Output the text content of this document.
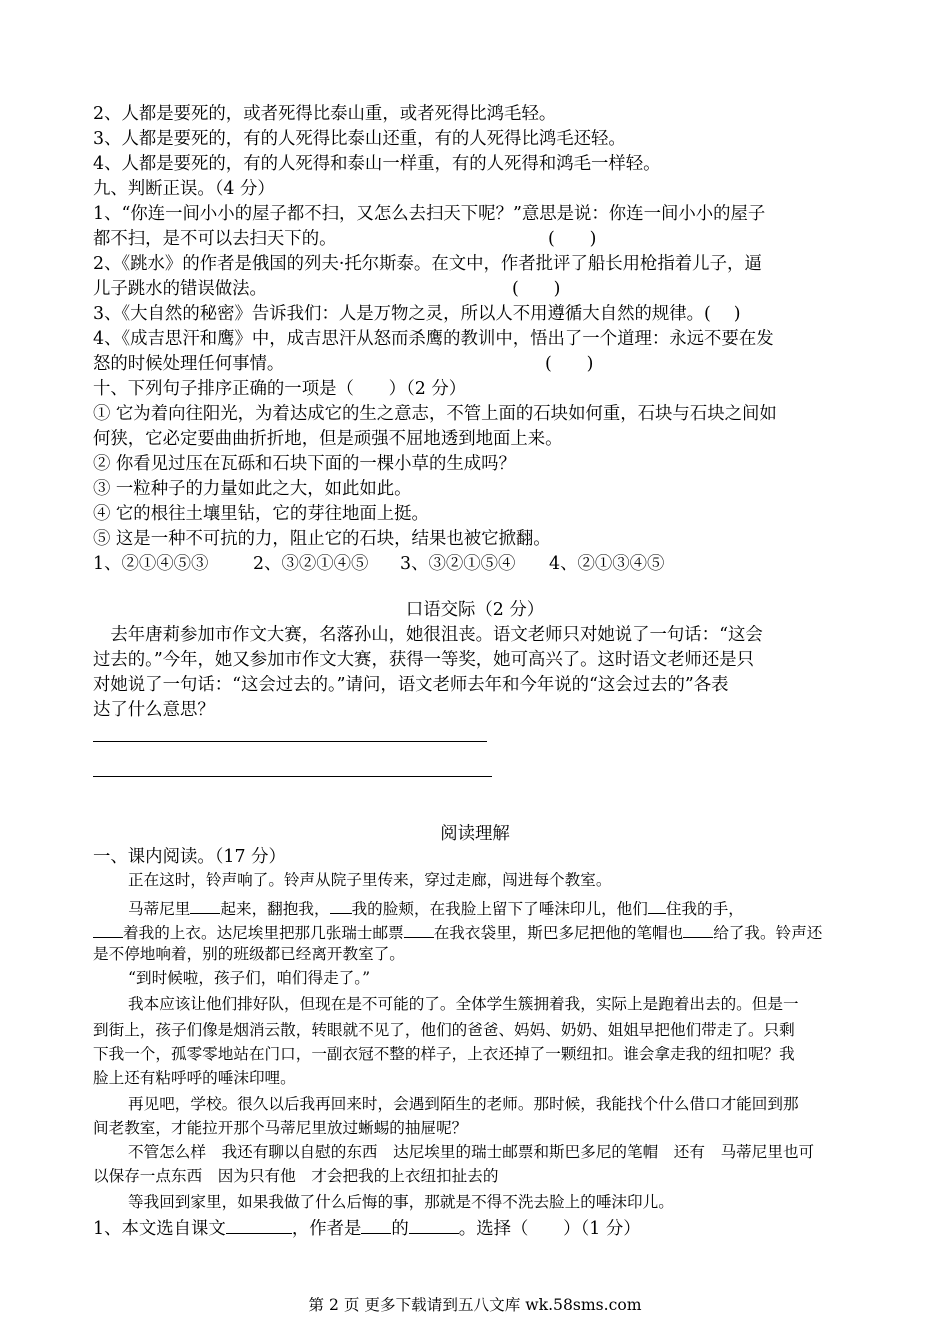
2、人都是要死的，或者死得比泰山重，或者死得比鸿毛轻。
3、人都是要死的，有的人死得比泰山还重，有的人死得比鸿毛还轻。
4、人都是要死的，有的人死得和泰山一样重，有的人死得和鸿毛一样轻。
九、判断正误。（4 分）
1、“你连一间小小的屋子都不扫，又怎么去扫天下呢？”意思是说：你连一间小小的屋子
都不扫，是不可以去扫天下的。	(　　)
2、《跳水》的作者是俄国的列夫·托尔斯泰。在文中，作者批评了船长用枪指着儿子，逼
儿子跳水的错误做法。	(　　)
3、《大自然的秘密》告诉我们：人是万物之灵，所以人不用遵循大自然的规律。(　 )
4、《成吉思汗和鹰》中，成吉思汗从怒而杀鹰的教训中，悟出了一个道理：永远不要在发
怒的时候处理任何事情。	(　　)
十、下列句子排序正确的一项是（　　）（2 分）
① 它为着向往阳光，为着达成它的生之意志，不管上面的石块如何重，石块与石块之间如
何狭，它必定要曲曲折折地，但是顽强不屈地透到地面上来。
② 你看见过压在瓦砾和石块下面的一棵小草的生成吗？
③ 一粒种子的力量如此之大，如此如此。
④ 它的根往土壤里钻，它的芽往地面上挺。
⑤ 这是一种不可抗的力，阻止它的石块，结果也被它掀翻。
1、②①④⑤③	2、③②①④⑤ 3、③②①⑤④ 4、②①③④⑤
口语交际（2 分）
　去年唐莉参加市作文大赛，名落孙山，她很沮丧。语文老师只对她说了一句话：“这会
过去的。”今年，她又参加市作文大赛，获得一等奖，她可高兴了。这时语文老师还是只
对她说了一句话：“这会过去的。”请问，语文老师去年和今年说的“这会过去的”各表
达了什么意思？
阅读理解
一、课内阅读。（17 分）
正在这时，铃声响了。铃声从院子里传来，穿过走廊，闯进每个教室。
马蒂尼里 起来，翻抱我， 我的脸颊，在我脸上留下了唾沫印儿，他们 住我的手，
着我的上衣。达尼埃里把那几张瑞士邮票 在我衣袋里，斯巴多尼把他的笔帽也 给了我。铃声还
是不停地响着，别的班级都已经离开教室了。
“到时候啦，孩子们，咱们得走了。”
我本应该让他们排好队，但现在是不可能的了。全体学生簇拥着我，实际上是跑着出去的。但是一
到街上，孩子们像是烟消云散，转眼就不见了，他们的爸爸、妈妈、奶奶、姐姐早把他们带走了。只剩
下我一个，孤零零地站在门口，一副衣冠不整的样子，上衣还掉了一颗纽扣。谁会拿走我的纽扣呢？我
脸上还有粘呼呼的唾沫印哩。
再见吧，学校。很久以后我再回来时，会遇到陌生的老师。那时候，我能找个什么借口才能回到那
间老教室，才能拉开那个马蒂尼里放过蜥蜴的抽屉呢？
不管怎么样　我还有聊以自慰的东西　达尼埃里的瑞士邮票和斯巴多尼的笔帽　还有　马蒂尼里也可
以保存一点东西　因为只有他　才会把我的上衣纽扣扯去的
等我回到家里，如果我做了什么后悔的事，那就是不得不洗去脸上的唾沫印儿。
1、本文选自课文	，作者是 的	。选择（　　）（1 分）
第 2 页 更多下载请到五八文库 wk.58sms.com
